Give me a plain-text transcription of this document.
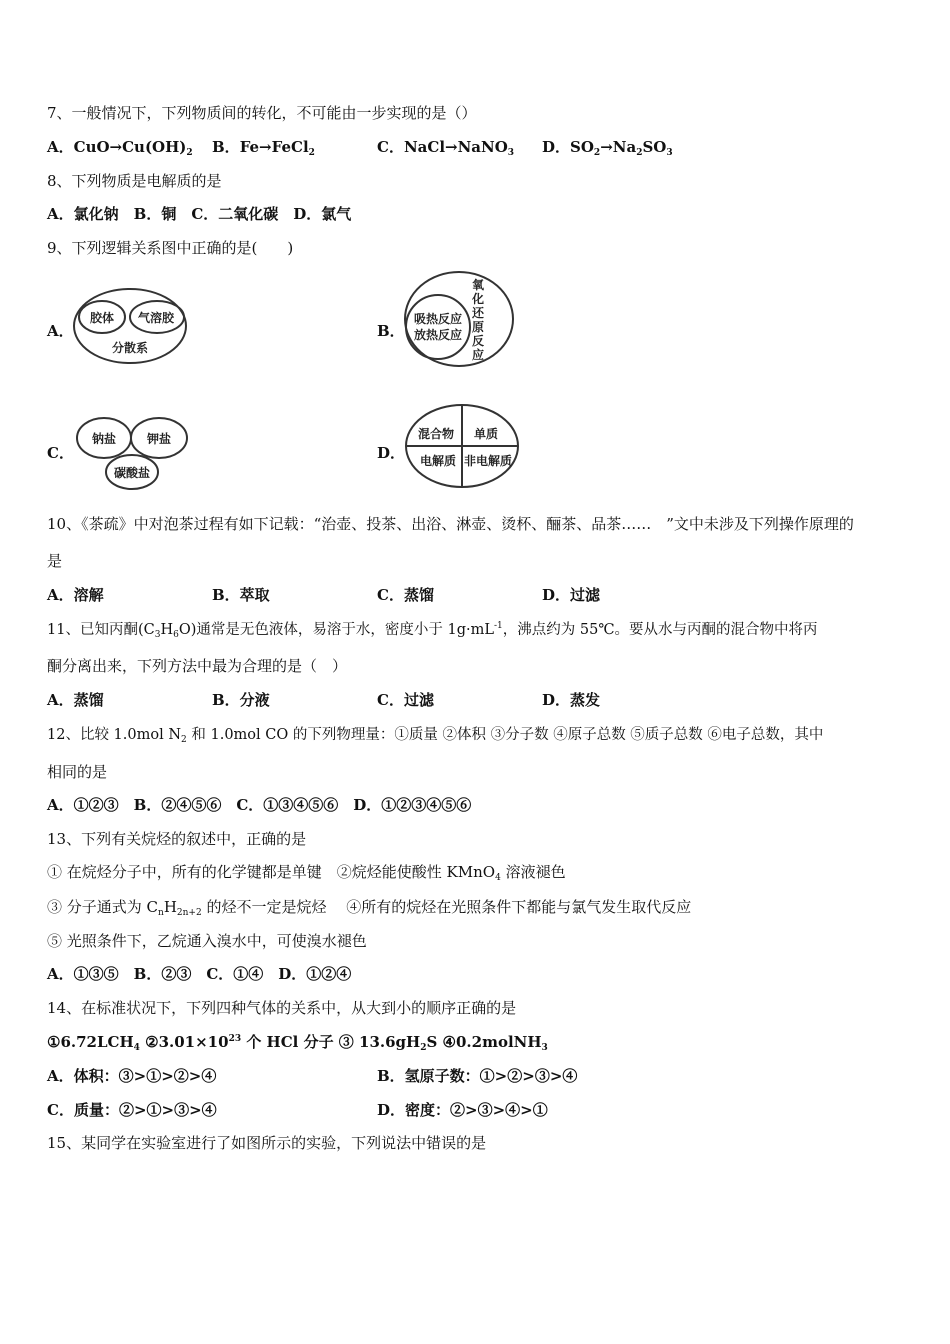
7、一般情况下，下列物质间的转化，不可能由一步实现的是（）
A．$CuO\to Cu(OH)_2$ B．Fe→FeCl$_2$	C．NaCl→NaNO$_3$ D．$SO_2\to Na_2SO_3$
8、下列物质是电解质的是
A．氯化钠　B．铜　C．二氧化碳　D．氯气
9、下列逻辑关系图中正确的是(　　)
A．
胶体 气溶胶
分散系
B．
吸热反应
放热反应
氧
化
还
原
反
应
C．
钠盐	钾盐
碳酸盐
D．
混合物 单质
电解质 非电解质
10、《茶疏》中对泡茶过程有如下记载：“治壶、投茶、出浴、淋壶、烫杯、酾茶、品茶……　”文中未涉及下列操作原理的
是
A．溶解	B．萃取	C．蒸馏	D．过滤
11、已知丙酮$(C_3H_6O)$通常是无色液体，易溶于水，密度小于 $1g\cdot mL^{-1}$，沸点约为 55℃。要从水与丙酮的混合物中将丙
酮分离出来，下列方法中最为合理的是（　）
A．蒸馏	B．分液	C．过滤	D．蒸发
12、比较 1.0mol $N_2$ 和 1.0mol CO 的下列物理量：①质量 ②体积 ③分子数 ④原子总数 ⑤质子总数 ⑥电子总数，其中
相同的是
A．①②③　B．②④⑤⑥　C．①③④⑤⑥　D．①②③④⑤⑥
13、下列有关烷烃的叙述中，正确的是
① 在烷烃分子中，所有的化学键都是单键　②烷烃能使酸性 KMnO$_4$ 溶液褪色
③ 分子通式为 $C_nH_{2n+2}$ 的烃不一定是烷烃　 ④所有的烷烃在光照条件下都能与氯气发生取代反应
⑤ 光照条件下，乙烷通入溴水中，可使溴水褪色
A．①③⑤　B．②③　C．①④　D．①②④
14、在标准状况下，下列四种气体的关系中，从大到小的顺序正确的是
$①6.72LCH_4$ $②3.01\times 10^{23}$ 个 HCl 分子 ③ $13.6gH_2S$ ④0.2molNH$_3$
A．体积：③>①>②>④	B．氢原子数：①>②>③>④
C．质量：②>①>③>④	D．密度：②>③>④>①
15、某同学在实验室进行了如图所示的实验，下列说法中错误的是
